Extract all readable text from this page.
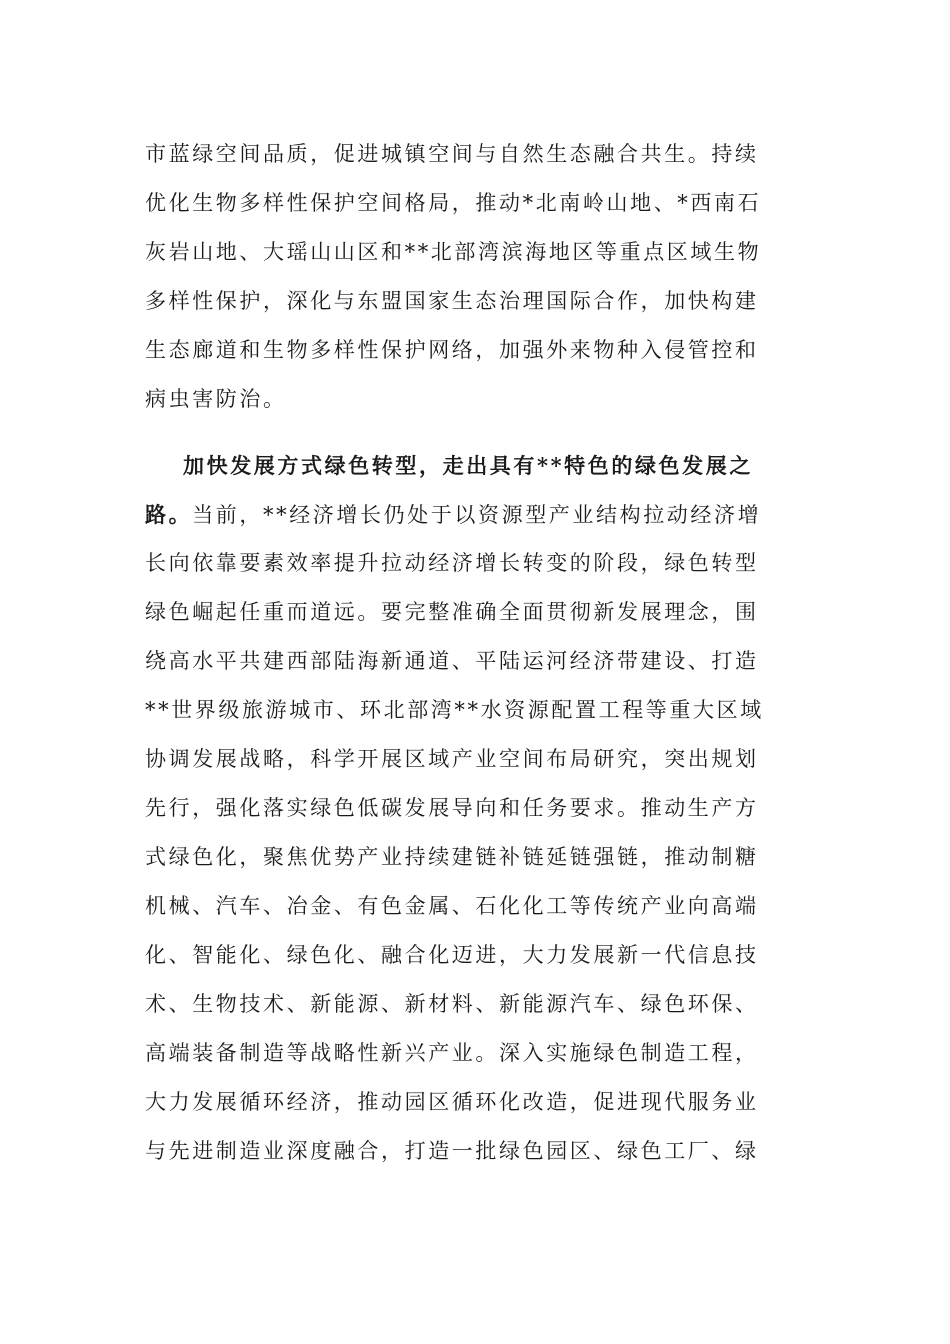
市蓝绿空间品质，促进城镇空间与自然生态融合共生。持续
优化生物多样性保护空间格局，推动*北南岭山地、*西南石
灰岩山地、大瑶山山区和**北部湾滨海地区等重点区域生物
多样性保护，深化与东盟国家生态治理国际合作，加快构建
生态廊道和生物多样性保护网络，加强外来物种入侵管控和
病虫害防治。
加快发展方式绿色转型，走出具有**特色的绿色发展之
路。当前，**经济增长仍处于以资源型产业结构拉动经济增
长向依靠要素效率提升拉动经济增长转变的阶段，绿色转型
绿色崛起任重而道远。要完整准确全面贯彻新发展理念，围
绕高水平共建西部陆海新通道、平陆运河经济带建设、打造
**世界级旅游城市、环北部湾**水资源配置工程等重大区域
协调发展战略，科学开展区域产业空间布局研究，突出规划
先行，强化落实绿色低碳发展导向和任务要求。推动生产方
式绿色化，聚焦优势产业持续建链补链延链强链，推动制糖
机械、汽车、冶金、有色金属、石化化工等传统产业向高端
化、智能化、绿色化、融合化迈进，大力发展新一代信息技
术、生物技术、新能源、新材料、新能源汽车、绿色环保、
高端装备制造等战略性新兴产业。深入实施绿色制造工程，
大力发展循环经济，推动园区循环化改造，促进现代服务业
与先进制造业深度融合，打造一批绿色园区、绿色工厂、绿
